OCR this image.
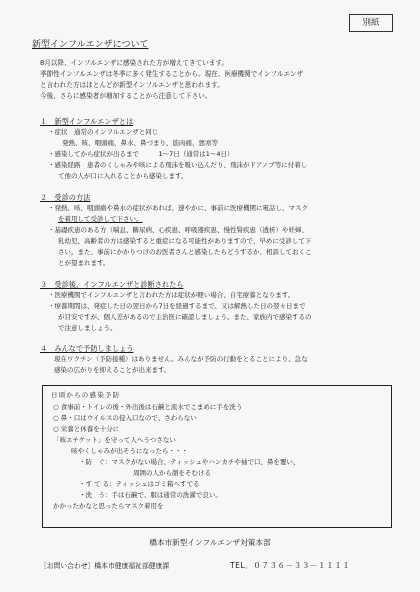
別紙
新型インフルエンザについて
8月以降、インフルエンザに感染された方が増えてきています。
季節性インフルエンザは冬季に多く発生することから、現在、医療機関でインフルエンザ
と言われた方はほとんどが新型インフルエンザと思われます。
今後、さらに感染者が増加することから注意して下さい。
１　新型インフルエンザとは
・症状　通常のインフルエンザと同じ
発熱、咳、咽頭痛、鼻水、鼻づまり、筋肉痛、悪寒等
・感染してから症状が出るまで　　　1～7日（通常は1～4日）
・感染経路　患者のくしゃみや咳による飛沫を吸い込んだり、飛沫がドアノブ等に付着し
て他の人が口に入れることから感染します。
２　受診の方法
・発熱、咳、咽頭痛や鼻水の症状があれば、速やかに、事前に医療機関に電話し、マスク
を着用して受診して下さい。
・基礎疾患のある方（喘息、糖尿病、心疾患、呼吸器疾患、慢性腎疾患（透析）や妊婦、
乳幼児、高齢者の方は感染すると重症になる可能性がありますので、早めに受診して下
さい。また、事前にかかりつけのお医者さんと感染したらどうするか、相談しておくこ
とが望まれます。
３　受診後、インフルエンザと診断されたら
・医療機関でインフルエンザと言われた方は症状が軽い場合、自宅療養となります。
・療養期間は、発症した日の翌日から7日を経過するまで、又は解熱した日の翌々日まで
が目安ですが、個人差があるので主治医に確認しましょう。また、家族内で感染するの
で注意しましょう。
４　みんなで予防しましょう
現在ワクチン（予防接種）はありません。みんなが予防の行動をとることにより、急な
感染の広がりを抑えることが出来ます。
日頃からの感染予防
○ 食事前・トイレの後・外出後は石鹸と流水でこまめに手を洗う
○ 鼻・口はウイルスの侵入口なので、さわらない
○ 栄養と休養を十分に
「咳エチケット」を守って人へうつさない
咳やくしゃみが出そうになったら・・・
・防　ぐ：マスクがない場合、ティッシュやハンカチや袖で口、鼻を覆い、
周囲の人から顔をそむける
・す て る：ティッシュはゴミ箱へすてる
・洗　う：手は石鹸で、服は通常の洗濯で良い。
かかったかなと思ったらマスク着用を
橋本市新型インフルエンザ対策本部
［お問い合わせ］橋本市健康福祉部健康課	TEL．０７３６－３３－１１１１
